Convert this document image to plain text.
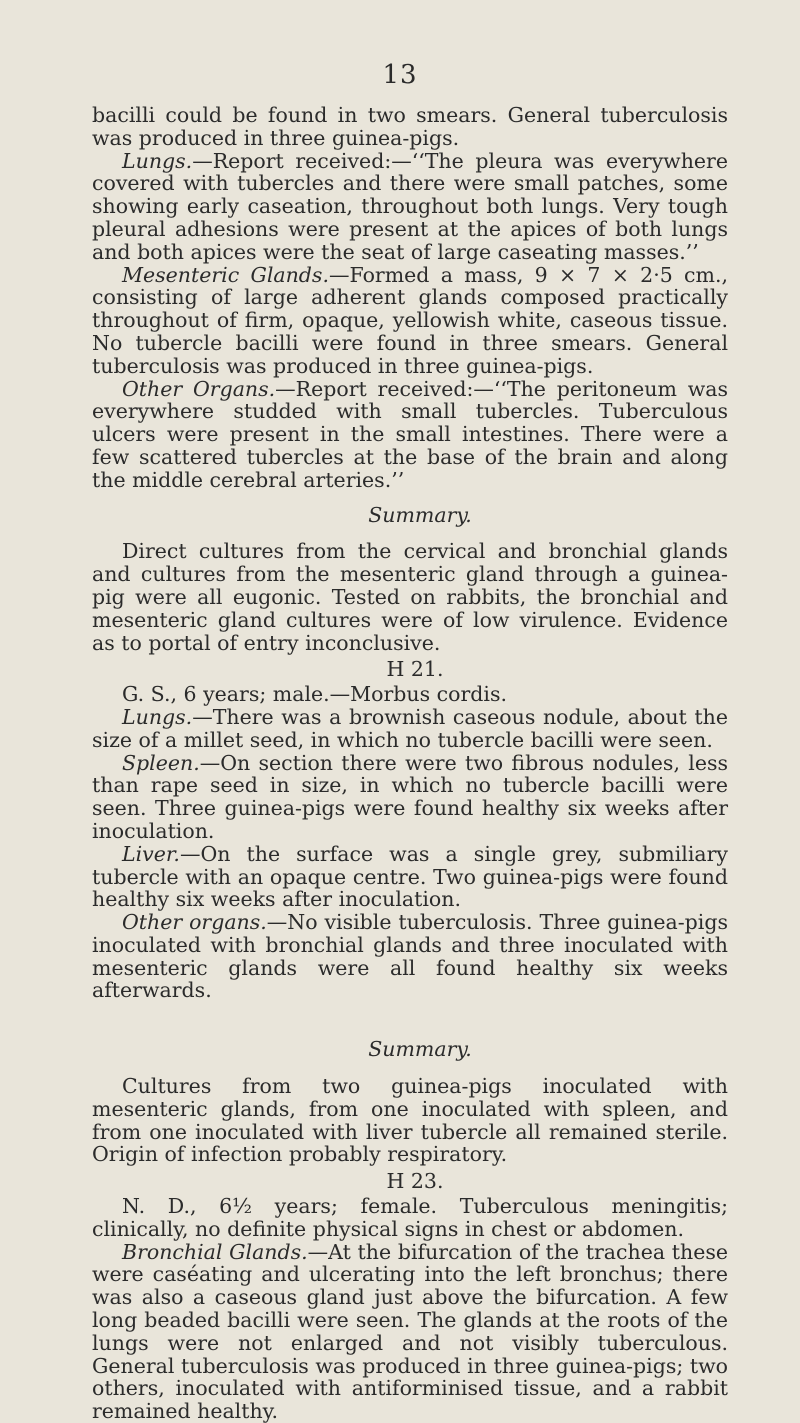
13

bacilli could be found in two smears. General tuberculosis was produced in three guinea-pigs.

Lungs.—Report received:—‘‘The pleura was everywhere covered with tubercles and there were small patches, some showing early caseation, throughout both lungs. Very tough pleural adhesions were present at the apices of both lungs and both apices were the seat of large caseating masses.’’

Mesenteric Glands.—Formed a mass, 9 × 7 × 2·5 cm., consisting of large adherent glands composed practically throughout of firm, opaque, yellowish white, caseous tissue. No tubercle bacilli were found in three smears. General tuberculosis was produced in three guinea-pigs.

Other Organs.—Report received:—‘‘The peritoneum was everywhere studded with small tubercles. Tuberculous ulcers were present in the small intestines. There were a few scattered tubercles at the base of the brain and along the middle cerebral arteries.’’

Summary.

Direct cultures from the cervical and bronchial glands and cultures from the mesenteric gland through a guinea-pig were all eugonic. Tested on rabbits, the bronchial and mesenteric gland cultures were of low virulence. Evidence as to portal of entry inconclusive.

H 21.

G. S., 6 years; male.—Morbus cordis.

Lungs.—There was a brownish caseous nodule, about the size of a millet seed, in which no tubercle bacilli were seen.

Spleen.—On section there were two fibrous nodules, less than rape seed in size, in which no tubercle bacilli were seen. Three guinea-pigs were found healthy six weeks after inoculation.

Liver.—On the surface was a single grey, submiliary tubercle with an opaque centre. Two guinea-pigs were found healthy six weeks after inoculation.

Other organs.—No visible tuberculosis. Three guinea-pigs inoculated with bronchial glands and three inoculated with mesenteric glands were all found healthy six weeks afterwards.

Summary.

Cultures from two guinea-pigs inoculated with mesenteric glands, from one inoculated with spleen, and from one inoculated with liver tubercle all remained sterile. Origin of infection probably respiratory.

H 23.

N. D., 6½ years; female. Tuberculous meningitis; clinically, no definite physical signs in chest or abdomen.

Bronchial Glands.—At the bifurcation of the trachea these were caséating and ulcerating into the left bronchus; there was also a caseous gland just above the bifurcation. A few long beaded bacilli were seen. The glands at the roots of the lungs were not enlarged and not visibly tuberculous. General tuberculosis was produced in three guinea-pigs; two others, inoculated with antiforminised tissue, and a rabbit remained healthy.
